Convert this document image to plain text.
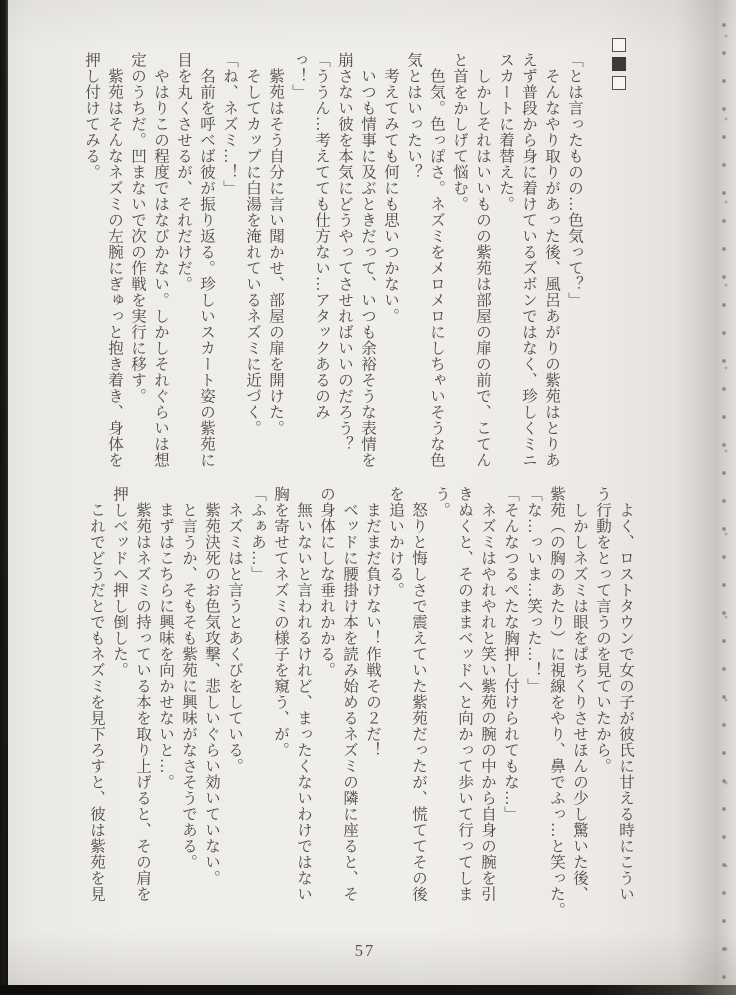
「とは言ったものの…色気って？」
　そんなやり取りがあった後、風呂あがりの紫苑はとりあ
えず普段から身に着けているズボンではなく、珍しくミニ
スカートに着替えた。
　しかしそれはいいものの紫苑は部屋の扉の前で、こてん
と首をかしげて悩む。
　色気。色っぽさ。ネズミをメロメロにしちゃいそうな色
気とはいったい？
　考えてみても何にも思いつかない。
　いつも情事に及ぶときだって、いつも余裕そうな表情を
崩さない彼を本気にどうやってさせればいいのだろう？
「ううん…考えてても仕方ない…アタックあるのみ
っ！」
　紫苑はそう自分に言い聞かせ、部屋の扉を開けた。
　そしてカップに白湯を淹れているネズミに近づく。
「ね、ネズミ…！」
　名前を呼べば彼が振り返る。珍しいスカート姿の紫苑に
目を丸くさせるが、それだけだ。
　やはりこの程度ではなびかない。しかしそれぐらいは想
定のうちだ。凹まないで次の作戦を実行に移す。
　紫苑はそんなネズミの左腕にぎゅっと抱き着き、身体を
押し付けてみる。
　よく、ロストタウンで女の子が彼氏に甘える時にこうい
う行動をとって言うのを見ていたから。
　しかしネズミは眼をぱちくりさせほんの少し驚いた後、
紫苑（の胸のあたり）に視線をやり、鼻でふっ…と笑った。
「な…っいま…笑った…！」
「そんなつるぺたな胸押し付けられてもな…」
　ネズミはやれやれと笑い紫苑の腕の中から自身の腕を引
きぬくと、そのままベッドへと向かって歩いて行ってしま
う。
　怒りと悔しさで震えていた紫苑だったが、慌ててその後
を追いかける。
　まだまだ負けない！作戦その２だ！
　ベッドに腰掛け本を読み始めるネズミの隣に座ると、そ
の身体にしな垂れかかる。
　無いないと言われるけれど、まったくないわけではない
胸を寄せてネズミの様子を窺う、が。
「ふぁあ…」
　ネズミはと言うとあくびをしている。
　紫苑決死のお色気攻撃、悲しいぐらい効いていない。
　と言うか、そもそも紫苑に興味がなさそうである。
　まずはこちらに興味を向かせないと…。
　紫苑はネズミの持っている本を取り上げると、その肩を
押しベッドへ押し倒した。
　これでどうだとでもネズミを見下ろすと、彼は紫苑を見
57
